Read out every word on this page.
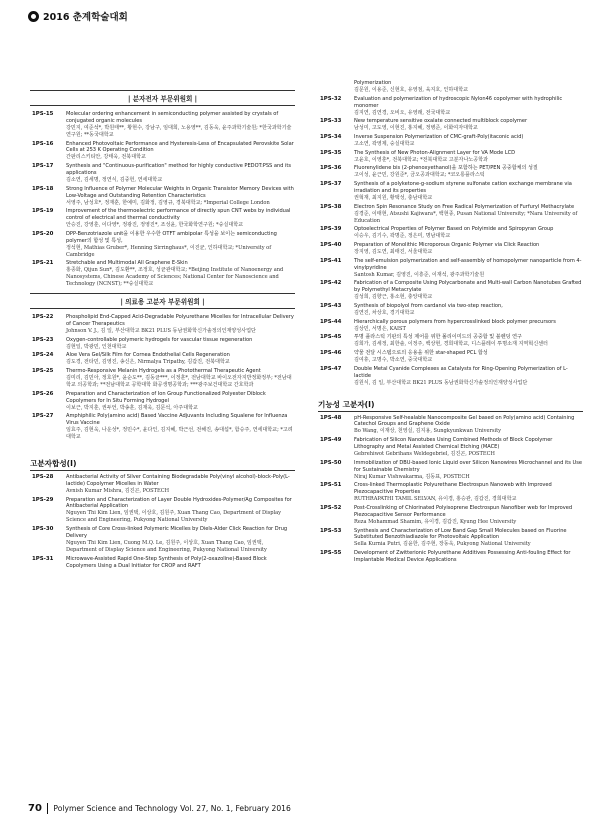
2016 춘계학술대회
| 분자전자 부문위원회 |
1PS-15	Molecular ordering enhancement in semiconducting polymer assisted by crystals of conjugated organic molecules
강민지, 여준석*, 박원태**, 황현수, 강남구, 임대희, 노용영**, 김동욱, 윤주과학기술원; *한국과학기술연구원; **동국대학교
1PS-16	Enhanced Photovoltaic Performance and Hysteresis-Less of Encapsulated Perovskite Solar Cells at 253 K Operating Condition
간판리스키티안, 강태욱, 전북대학교
1PS-17	Synthesis and "Continuous-purification" method for highly conductive PEDOT:PSS and its applications
김소연, 김세명, 정연식, 김중헌, 연세대학교
1PS-18	Strong Influence of Polymer Molecular Weights in Organic Transistor Memory Devices with Low-Voltage and Outstanding Retention Characteristics
서영주, 남성호*, 정재훈, 한예미, 김화정, 김영규, 경북대학교; *Imperial College London
1PS-19	Improvement of the thermoelectric performance of directly spun CNT webs by individual control of electrical and thermal conductivity
안승진, 강영훈, 이다영*, 정광진, 정영진*, 조성윤, 한국화학연구원; *숭실대학교
1PS-20	DPP-Benzotriazole unit을 이용한 우수한 OTFT ambipolar 특성을 보이는 semiconducting polymer의 합성 및 특성,
정석현, Mathias Gruber*, Henning Sirringhaus*, 이진균, 인하대학교; *University of Cambridge
1PS-21	Stretchable and Multimodal All Graphene E-Skin
홍종화, Qijun Sun*, 김도환**, 조정호, 성균관대학교; *Beijing Institute of Nanoenergy and Nanosystems, Chinese Academy of Sciences; National Center for Nanoscience and Technology (NCNST); **숭실대학교
| 의료용 고분자 부문위원회 |
1PS-22	Phospholipid End-Capped Acid-Degradable Polyurethane Micelles for Intracellular Delivery of Cancer Therapeutics
Johnson V. J., 김 일, 부산대학교 BK21 PLUS 동남권화학신가솔정의인재양성사업단
1PS-23	Oxygen-controllable polymeric hydrogels for vascular tissue regeneration
김현일, 박광민, 인천대학교
1PS-24	Aloe Vera Gel/Silk Film for Cornea Endothelial Cells Regeneration
김도경, 전타민, 김영진, 송신은, Nirmalya Tripathy, 김갑진, 전북대학교
1PS-25	Thermo-Responsive Melanin Hydrogels as a Photothermal Therapeutic Agent
김미리, 김민아, 정호원*, 윤순도**, 김동균***, 이정훈*, 전남대학교 바이오전자지반정화정부; *전남대학교 의공학과; **전남대학교 공학대학 화공생명공학과; ***광주보건대학교 간호학과
1PS-26	Preparation and Characterization of Ion Group Functionalized Polyester Diblock Copolymers for In Situ Forming Hydrogel
이보근, 박지훈, 권두언, 박송훈, 김재욱, 김문석, 아주대학교
1PS-27	Amphiphilic Poly(amino acid) Based Vaccine Adjuvants Including Squalene for Influenza Virus Vaccine
임효주, 김현욱, 나운성*, 정민수*, 윤다인, 김지혜, 박근선, 전해진, 송대섭*, 함승주, 연세대학교; *고려대학교
고분자합성(I)
1PS-28	Antibacterial Activity of Silver Containing Biodegradable Poly(vinyl alcohol)-block-Poly(L-lactide) Copolymer Micelles in Water
Avnish Kumar Mishra, 김진곤, POSTECH
1PS-29	Preparation and Characterization of Layer Double Hydroxides-Polymer/Ag Composites for Antibacterial Application
Nguyen Thi Kim Lien, 임권택, 이상호, 김원주, Xuan Thang Cao, Department of Display Science and Engineering, Pukyong National University
1PS-30	Synthesis of Core Cross-linked Polymeric Micelles by Diels-Alder Click Reaction for Drug Delivery
Nguyen Thi Kim Lien, Cuong M.Q. Le, 김원주, 이상호, Xuan Thang Cao, 임권택, Department of Display Science and Engineering, Pukyong National University
1PS-31	Microwave-Assisted Rapid One-Step Synthesis of Poly(2-oxazoline)-Based Block Copolymers Using a Dual Initiator for CROP and RAFT
Polymerization
김문원, 이용준, 신현호, 유영점, 육지호, 인하대학교
1PS-32	Evaluation and polymerization of hydroscopic Nylon46 copolymer with hydrophilic monomer
김지연, 김연경, 오비오, 유영래, 전국대학교
1PS-33	New temperature sensitive oxalate connected multiblock copolymer
남성미, 고도영, 이현진, 홍지혜, 정병준, 이화여자대학교
1PS-34	Inverse Suspension Polymerization of CMC-graft-Poly(itaconic acid)
고소연, 곽영제, 숭실대학교
1PS-35	The Synthesis of New Photon-Alignment Layer for VA Mode LCD
고윤호, 이영훈*, 전북대학교; *전북대학교 고분자나노공학과
1PS-36	Fluorenylidene bis (2-phenoxyethanol)을 포함하는 PET/PEN 공중합체의 성질
고이성, 윤근민, 강원준*, 금오공과대학교; *코오롱플라스틱
1PS-37	Synthesis of a polyketone-g-sodium styrene sulfonate cation exchange membrane via irradiation and its properties
권혁재, 최지원, 황택성, 충남대학교
1PS-38	Electron Spin Resonance Study on Free Radical Polymerization of Furfuryl Methacrylate
김경준, 이태현, Atsushi Kajiwara*, 백현종, Pusan National University; *Nara University of Education
1PS-39	Optoelectrical Properties of Polymer Based on Polyimide and Spiropyran Group
이승우, 김기수, 곽명준, 정은미, 명남대학교
1PS-40	Preparation of Monolithic Microporous Organic Polymer via Click Reaction
장지영, 김도연, 최태진, 서울대학교
1PS-41	The self-emulsion polymerization and self-assembly of homopolymer nanoparticle from 4-vinylpyridine
Santosh Kumar, 김영진, 이흥준, 이재석, 광주과학기술원
1PS-42	Fabrication of a Composite Using Polycarbonate and Multi-wall Carbon Nanotubes Grafted by Polymethyl Metacrylate
김성희, 김향근, 홍소현, 충앙대학교
1PS-43	Synthesis of biopolyol from cardanol via two-step reaction,
김연진, 차상호, 경기대학교
1PS-44	Hierarchically porous polymers from hypercrosslinked block polymer precursors
김상민, 서명은, KAIST
1PS-45	투명 플라스틱 기판의 특성 제어를 위한 폴리이미드의 공중합 및 블렌딩 연구
김희가, 김세정, 최한솔, 이정주, 백상현, 경희대학교, 디스플레이 투명소재 지역혁신센터
1PS-46	약물 전달 시스템으로의 응용을 위한 star-shaped PCL 합성
김여휴, 고명수, 박소연, 중국대학교
1PS-47	Double Metal Cyanide Complexes as Catalysts for Ring-Opening Polymerization of L-lactide
김원식, 김 일, 부산대학교 BK21 PLUS 동남권화학신가솔정의인재양성사업단
기능성 고분자(I)
1PS-48	pH-Responsive Self-healable Nanocomposite Gel based on Poly(amino acid) Containing Catechol Groups and Graphene Oxide
Bo Wang, 이재상, 천영실, 김지용, Sungkyunkwan University
1PS-49	Fabrication of Silicon Nanotubes Using Combined Methods of Block Copolymer Lithography and Metal Assisted Chemical Etching (MACE)
Gebrehiwot Gebrihans Weldegebriel, 김진곤, POSTECH
1PS-50	Immobilization of DBU-based Ionic Liquid over Silicon Nanowires Microchannel and its Use for Sustainable Chemistry
Niraj Kumar Vishwakarma, 김동표, POSTECH
1PS-51	Cross-linked Thermoplastic Polyurethane Electrospun Nanoweb with Improved Piezocapacitive Properties
RUTHRAPATHI TAMIL SELVAN, 유이경, 홍승관, 김갑진, 경희대학교
1PS-52	Post-Crosslinking of Chlorinated Polyisoprene Electrospun Nanofiber web for Improved Piezocapacitive Sensor Performance
Reza Mohammad Shamim, 유이경, 김갑진, Kyung Hee University
1PS-53	Synthesis and Characterization of Low Band Gap Small Molecules based on Fluorine Substituted Benzothiadiazole for Photovoltaic Application
Sella Kurnia Putri, 김윤한, 김주현, 장동욱, Pukyong National University
1PS-55	Development of Zwitterionic Polyurethane Additives Possessing Anti-fouling Effect for Implantable Medical Device Applications
70 Polymer Science and Technology Vol. 27, No. 1, February 2016
